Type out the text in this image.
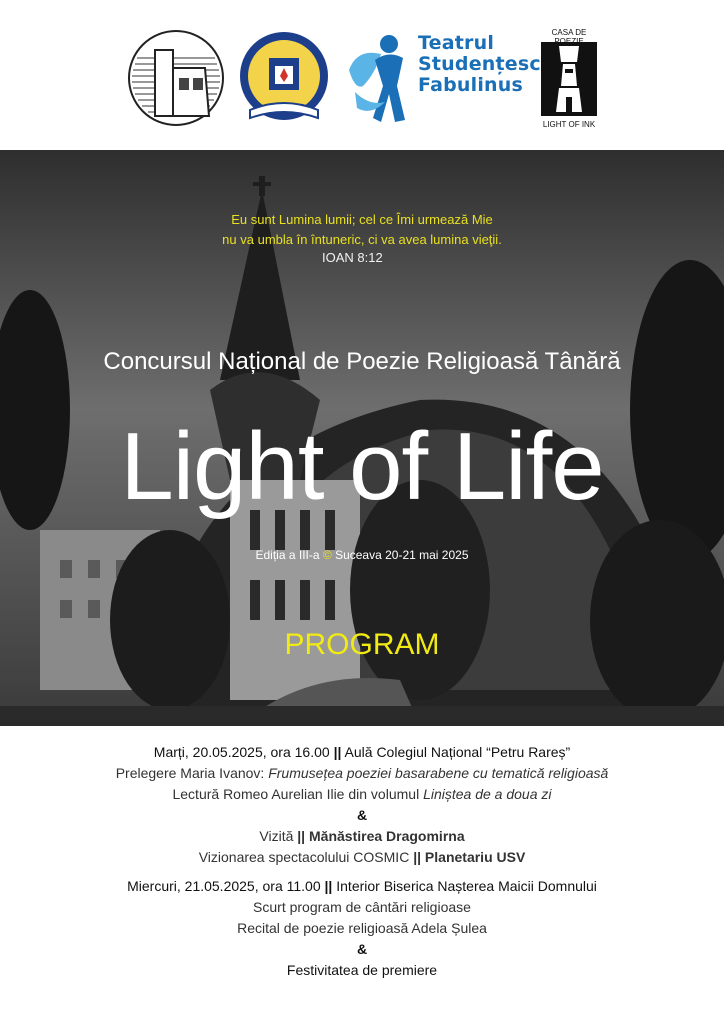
Teatrul
Studențesc
Fabulinus
CASA DE
LIGHT OF INK
Eu sunt Lumina lumii; cel ce Îmi urmează Mie
nu va umbla în întuneric, ci va avea lumina vieţii.
IOAN 8:12
Concursul Național de Poezie Religioasă Tânără
Light of Life
Ediția a III-a © Suceava 20-21 mai 2025
PROGRAM
Marți, 20.05.2025, ora 16.00 || Aulă Colegiul Național “Petru Rareș”
Prelegere Maria Ivanov: Frumusețea poeziei basarabene cu tematică religioasă
Lectură Romeo Aurelian Ilie din volumul Liniștea de a doua zi
&
Vizită || Mănăstirea Dragomirna
Vizionarea spectacolului COSMIC || Planetariu USV
Miercuri, 21.05.2025, ora 11.00 || Interior Biserica Nașterea Maicii Domnului
Scurt program de cântări religioase
Recital de poezie religioasă Adela Șulea
&
Festivitatea de premiere
